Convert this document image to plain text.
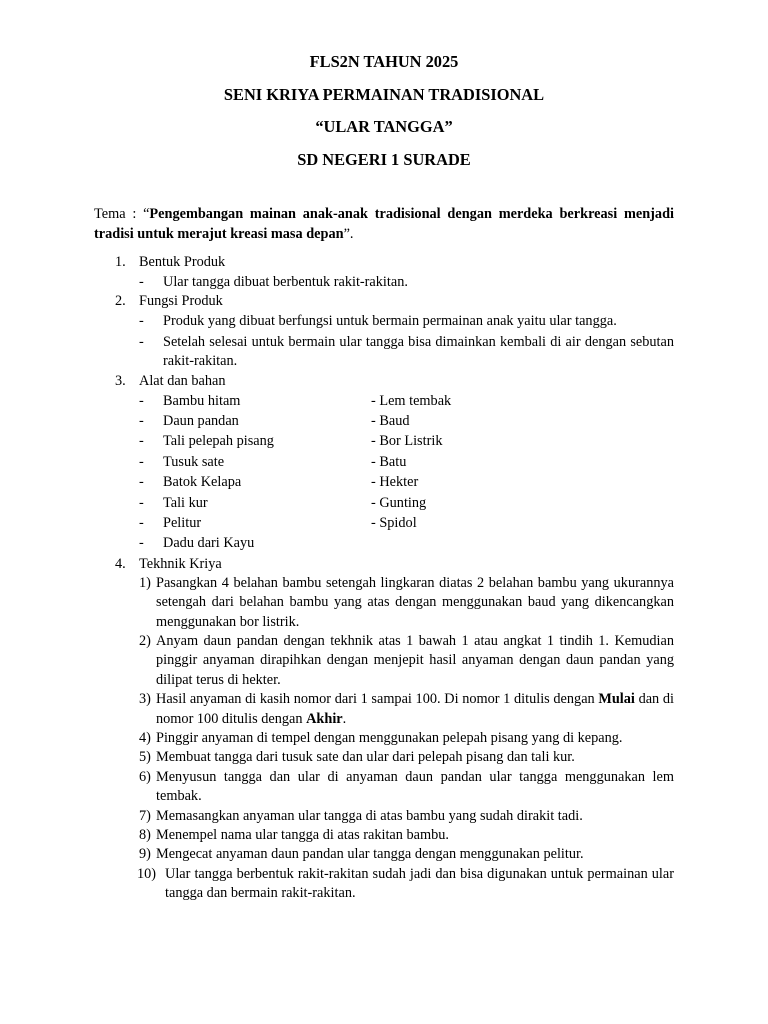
FLS2N TAHUN 2025
SENI KRIYA PERMAINAN TRADISIONAL
“ULAR TANGGA”
SD NEGERI 1 SURADE
Tema : “Pengembangan mainan anak-anak tradisional dengan merdeka berkreasi menjadi tradisi untuk merajut kreasi masa depan”.
1. Bentuk Produk
- Ular tangga dibuat berbentuk rakit-rakitan.
2. Fungsi Produk
- Produk yang dibuat berfungsi untuk bermain permainan anak yaitu ular tangga.
- Setelah selesai untuk bermain ular tangga bisa dimainkan kembali di air dengan sebutan rakit-rakitan.
3. Alat dan bahan
- Bambu hitam	- Lem tembak
- Daun pandan	- Baud
- Tali pelepah pisang	- Bor Listrik
- Tusuk sate	- Batu
- Batok Kelapa	- Hekter
- Tali kur	- Gunting
- Pelitur	- Spidol
- Dadu dari Kayu
4. Tekhnik Kriya
1) Pasangkan 4 belahan bambu setengah lingkaran diatas 2 belahan bambu yang ukurannya setengah dari belahan bambu yang atas dengan menggunakan baud yang dikencangkan menggunakan bor listrik.
2) Anyam daun pandan dengan tekhnik atas 1 bawah 1 atau angkat 1 tindih 1. Kemudian pinggir anyaman dirapihkan dengan menjepit hasil anyaman dengan daun pandan yang dilipat terus di hekter.
3) Hasil anyaman di kasih nomor dari 1 sampai 100. Di nomor 1 ditulis dengan Mulai dan di nomor 100 ditulis dengan Akhir.
4) Pinggir anyaman di tempel dengan menggunakan pelepah pisang yang di kepang.
5) Membuat tangga dari tusuk sate dan ular dari pelepah pisang dan tali kur.
6) Menyusun tangga dan ular di anyaman daun pandan ular tangga menggunakan lem tembak.
7) Memasangkan anyaman ular tangga di atas bambu yang sudah dirakit tadi.
8) Menempel nama ular tangga di atas rakitan bambu.
9) Mengecat anyaman daun pandan ular tangga dengan menggunakan pelitur.
10) Ular tangga berbentuk rakit-rakitan sudah jadi dan bisa digunakan untuk permainan ular tangga dan bermain rakit-rakitan.
